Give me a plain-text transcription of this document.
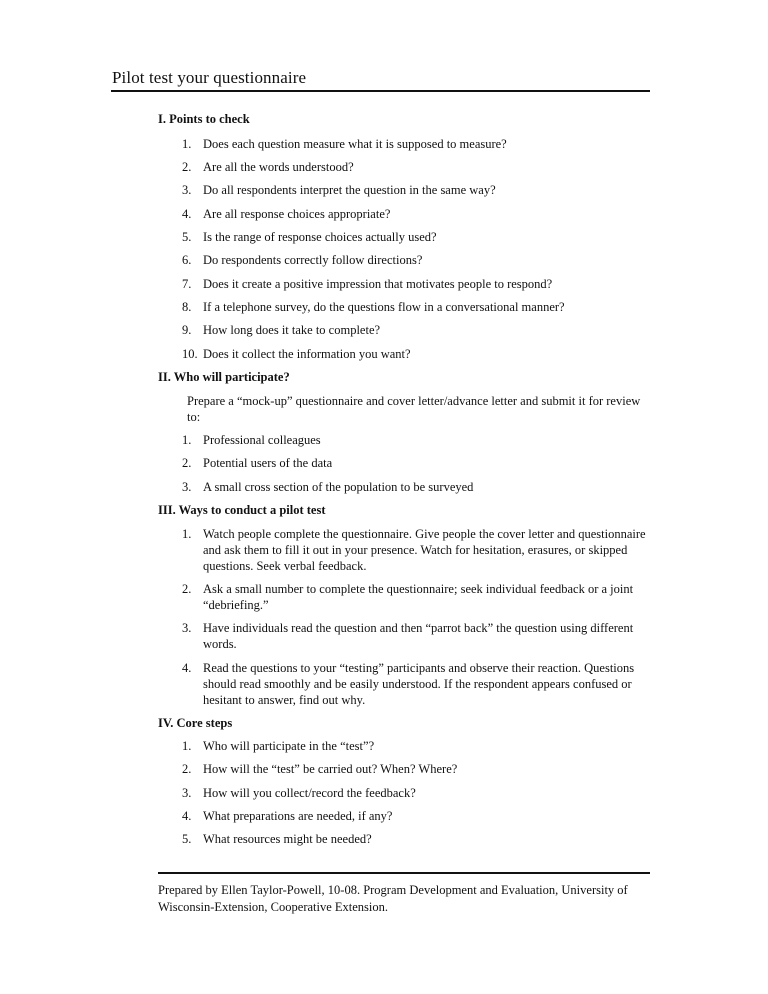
Pilot test your questionnaire
I. Points to check
1. Does each question measure what it is supposed to measure?
2. Are all the words understood?
3. Do all respondents interpret the question in the same way?
4. Are all response choices appropriate?
5. Is the range of response choices actually used?
6. Do respondents correctly follow directions?
7. Does it create a positive impression that motivates people to respond?
8. If a telephone survey, do the questions flow in a conversational manner?
9. How long does it take to complete?
10. Does it collect the information you want?
II. Who will participate?
Prepare a “mock-up” questionnaire and cover letter/advance letter and submit it for review to:
1. Professional colleagues
2. Potential users of the data
3. A small cross section of the population to be surveyed
III. Ways to conduct a pilot test
1. Watch people complete the questionnaire. Give people the cover letter and questionnaire and ask them to fill it out in your presence. Watch for hesitation, erasures, or skipped questions. Seek verbal feedback.
2. Ask a small number to complete the questionnaire; seek individual feedback or a joint “debriefing.”
3. Have individuals read the question and then “parrot back” the question using different words.
4. Read the questions to your “testing” participants and observe their reaction. Questions should read smoothly and be easily understood. If the respondent appears confused or hesitant to answer, find out why.
IV. Core steps
1. Who will participate in the “test”?
2. How will the “test” be carried out? When? Where?
3. How will you collect/record the feedback?
4. What preparations are needed, if any?
5. What resources might be needed?
Prepared by Ellen Taylor-Powell, 10-08. Program Development and Evaluation, University of Wisconsin-Extension, Cooperative Extension.
